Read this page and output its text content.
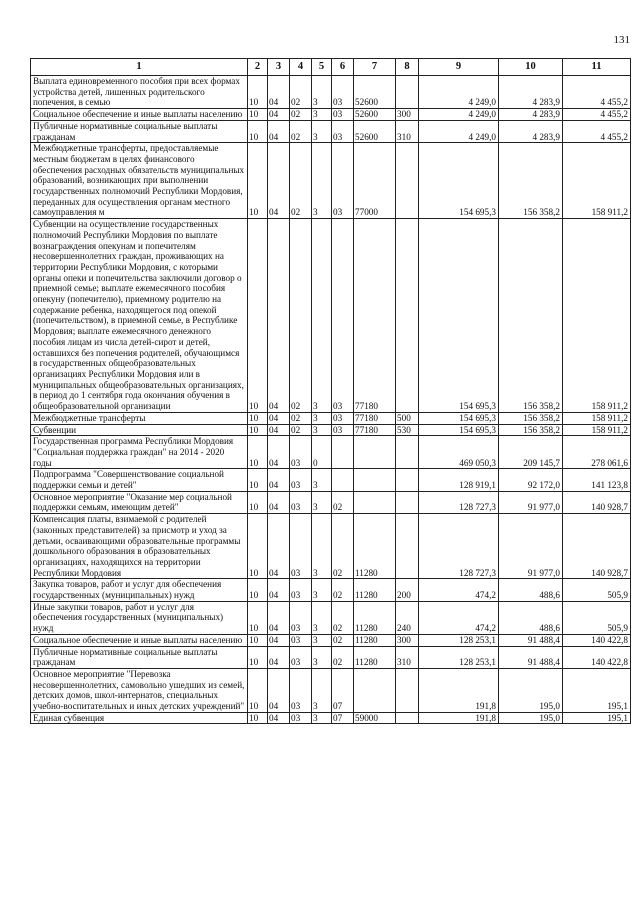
131
1	2	3	4	5	6	7	8	9	10	11
Выплата единовременного пособия при всех формах устройства детей, лишенных родительского попечения, в семью	10	04	02	3	03	52600		4 249,0	4 283,9	4 455,2
Социальное обеспечение и иные выплаты населению	10	04	02	3	03	52600	300	4 249,0	4 283,9	4 455,2
Публичные нормативные социальные выплаты гражданам	10	04	02	3	03	52600	310	4 249,0	4 283,9	4 455,2
Межбюджетные трансферты, предоставляемые местным бюджетам в целях финансового обеспечения расходных обязательств муниципальных образований, возникающих при выполнении государственных полномочий Республики Мордовия, переданных для осуществления органам местного самоуправления м	10	04	02	3	03	77000		154 695,3	156 358,2	158 911,2
Субвенции на осуществление государственных полномочий Республики Мордовия по выплате вознаграждения опекунам и попечителям несовершеннолетних граждан, проживающих на территории Республики Мордовия, с которыми органы опеки и попечительства заключили договор о приемной семье; выплате ежемесячного пособия опекуну (попечителю), приемному родителю на содержание ребенка, находящегося под опекой (попечительством), в приемной семье, в Республике Мордовия; выплате ежемесячного денежного пособия лицам из числа детей-сирот и детей, оставшихся без попечения родителей, обучающимся в государственных общеобразовательных организациях Республики Мордовия или в муниципальных общеобразовательных организациях, в период до 1 сентября года окончания обучения в общеобразовательной организации	10	04	02	3	03	77180		154 695,3	156 358,2	158 911,2
Межбюджетные трансферты	10	04	02	3	03	77180	500	154 695,3	156 358,2	158 911,2
Субвенции	10	04	02	3	03	77180	530	154 695,3	156 358,2	158 911,2
Государственная программа Республики Мордовия "Социальная поддержка граждан" на 2014 - 2020 годы	10	04	03	0				469 050,3	209 145,7	278 061,6
Подпрограмма "Совершенствование социальной поддержки семьи и детей"	10	04	03	3				128 919,1	92 172,0	141 123,8
Основное мероприятие "Оказание мер социальной поддержки семьям, имеющим детей"	10	04	03	3	02			128 727,3	91 977,0	140 928,7
Компенсация платы, взимаемой с родителей (законных представителей) за присмотр и уход за детьми, осваивающими образовательные программы дошкольного образования в образовательных организациях, находящихся на территории Республики Мордовия	10	04	03	3	02	11280		128 727,3	91 977,0	140 928,7
Закупка товаров, работ и услуг для обеспечения государственных (муниципальных) нужд	10	04	03	3	02	11280	200	474,2	488,6	505,9
Иные закупки товаров, работ и услуг для обеспечения государственных (муниципальных) нужд	10	04	03	3	02	11280	240	474,2	488,6	505,9
Социальное обеспечение и иные выплаты населению	10	04	03	3	02	11280	300	128 253,1	91 488,4	140 422,8
Публичные нормативные социальные выплаты гражданам	10	04	03	3	02	11280	310	128 253,1	91 488,4	140 422,8
Основное мероприятие "Перевозка несовершеннолетних, самовольно ушедших из семей, детских домов, школ-интернатов, специальных учебно-воспитательных и иных детских учреждений"	10	04	03	3	07			191,8	195,0	195,1
Единая субвенция	10	04	03	3	07	59000		191,8	195,0	195,1
